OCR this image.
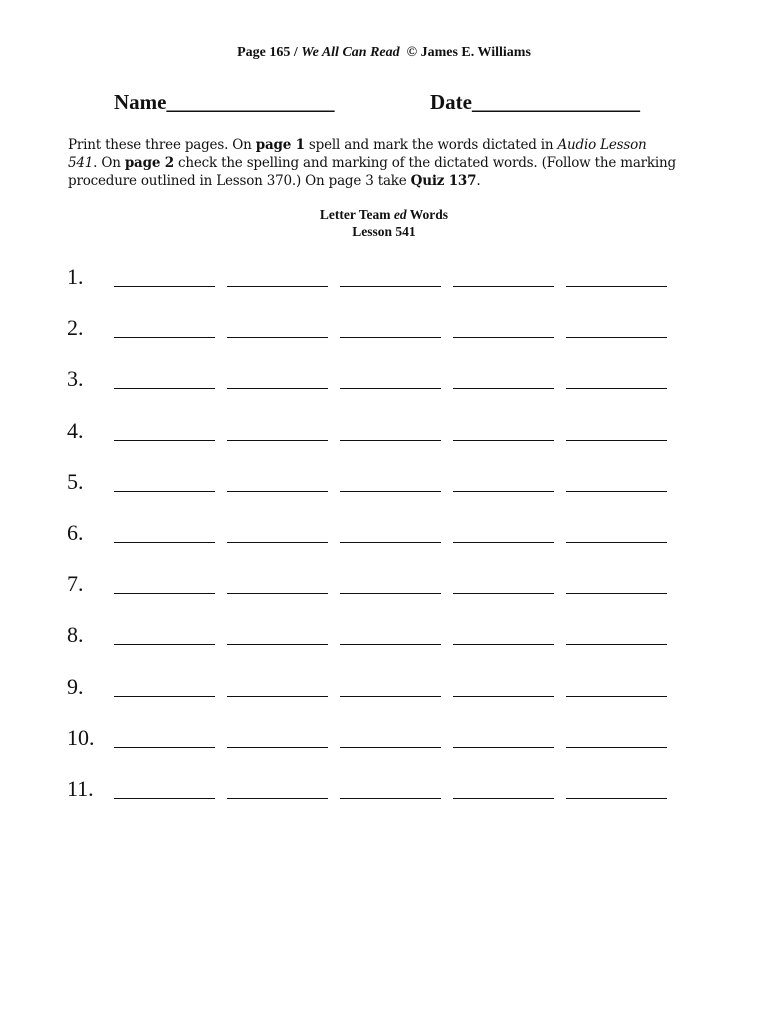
Page 165 / We All Can Read © James E. Williams
Name________________	Date________________
Print these three pages. On page 1 spell and mark the words dictated in Audio Lesson 541. On page 2 check the spelling and marking of the dictated words. (Follow the marking procedure outlined in Lesson 370.) On page 3 take Quiz 137.
Letter Team ed Words
Lesson 541
1.
2.
3.
4.
5.
6.
7.
8.
9.
10.
11.
